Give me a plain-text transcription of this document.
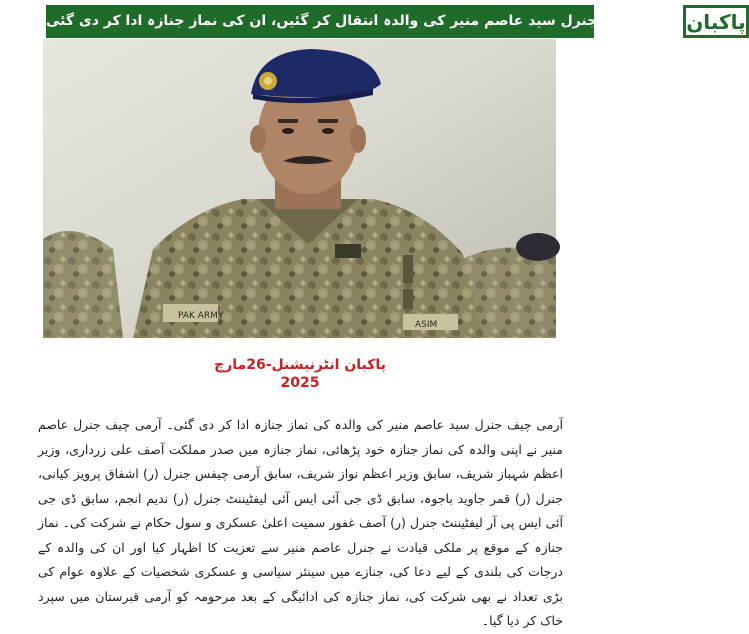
آرمی چیف جنرل سید عاصم منیر کی والدہ انتقال کر گئیں، ان کی نماز جنازہ ادا کر دی گئی پاکبان
PAK ARMY
ASIM
پاکبان انٹرنیشنل-26مارچ
2025
آرمی چیف جنرل سید عاصم منیر کی والدہ کی نماز جنازہ ادا کر دی گئی۔ آرمی چیف جنرل عاصم منیر نے اپنی والدہ کی نماز جنازہ خود پڑھائی، نماز جنازہ میں صدر مملکت آصف علی زرداری، وزیر اعظم شہباز شریف، سابق وزیر اعظم نواز شریف، سابق آرمی چیفس جنرل (ر) اشفاق پرویز کیانی، جنرل (ر) قمر جاوید باجوہ، سابق ڈی جی آئی ایس آئی لیفٹیننٹ جنرل (ر) ندیم انجم، سابق ڈی جی آئی ایس پی آر لیفٹیننٹ جنرل (ر) آصف غفور سمیت اعلیٰ عسکری و سول حکام نے شرکت کی۔ نماز جنازہ کے موقع پر ملکی قیادت نے جنرل عاصم منیر سے تعزیت کا اظہار کیا اور ان کی والدہ کے درجات کی بلندی کے لیے دعا کی، جنازے میں سینئر سیاسی و عسکری شخصیات کے علاوہ عوام کی بڑی تعداد نے بھی شرکت کی، نماز جنازہ کی ادائیگی کے بعد مرحومہ کو آرمی قبرستان میں سپرد خاک کر دیا گیا۔
